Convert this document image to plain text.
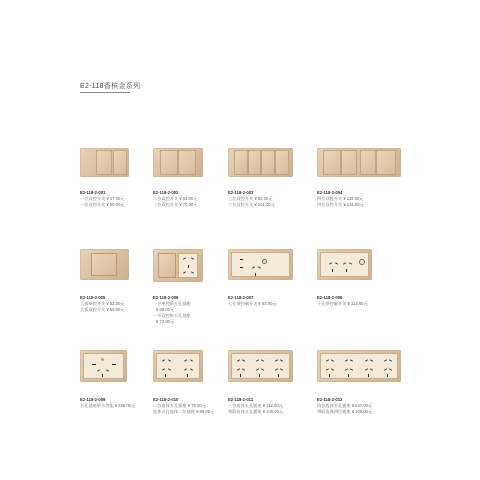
E2-118香槟金系列
E2-118-2-001
一位双控开关 ¥ 47.00元
一位双控开关 ¥ 50.00元
E2-118-2-002
二位双控开关 ¥ 64.00元
二位双控开关 ¥ 70.00元
E2-118-2-003
三位双控开关 ¥ 92.00元
三位双控开关 ¥ 101.00元
E2-118-2-004
四位双控开关 ¥ 119.00元
四位双控开关 ¥ 131.00元
E2-118-2-005
大板单控开关 ¥ 52.00元
大板双控开关 ¥ 55.00元
E2-118-2-006
一开单控带五孔插座
¥ 69.00元
一开双控带五孔插座
¥ 72.00元
E2-118-2-007
七孔带控制开关 ¥ 92.00元
E2-118-2-008
十孔带控制开关 ¥ 112.00元
E2-118-2-009
五孔插座带多功能 ¥ 285.00元
E2-118-2-010
二位连体五孔插座 ¥ 78.00元
连体五孔连体二位插座 ¥ 69.00元
E2-118-2-011
三位连体五孔插座 ¥ 112.00元
带联连体五孔插座 ¥ 100.00元
E2-118-2-012
四位连体五孔插座 ¥ 147.00元
带联连体四位插座 ¥ 108.00元
